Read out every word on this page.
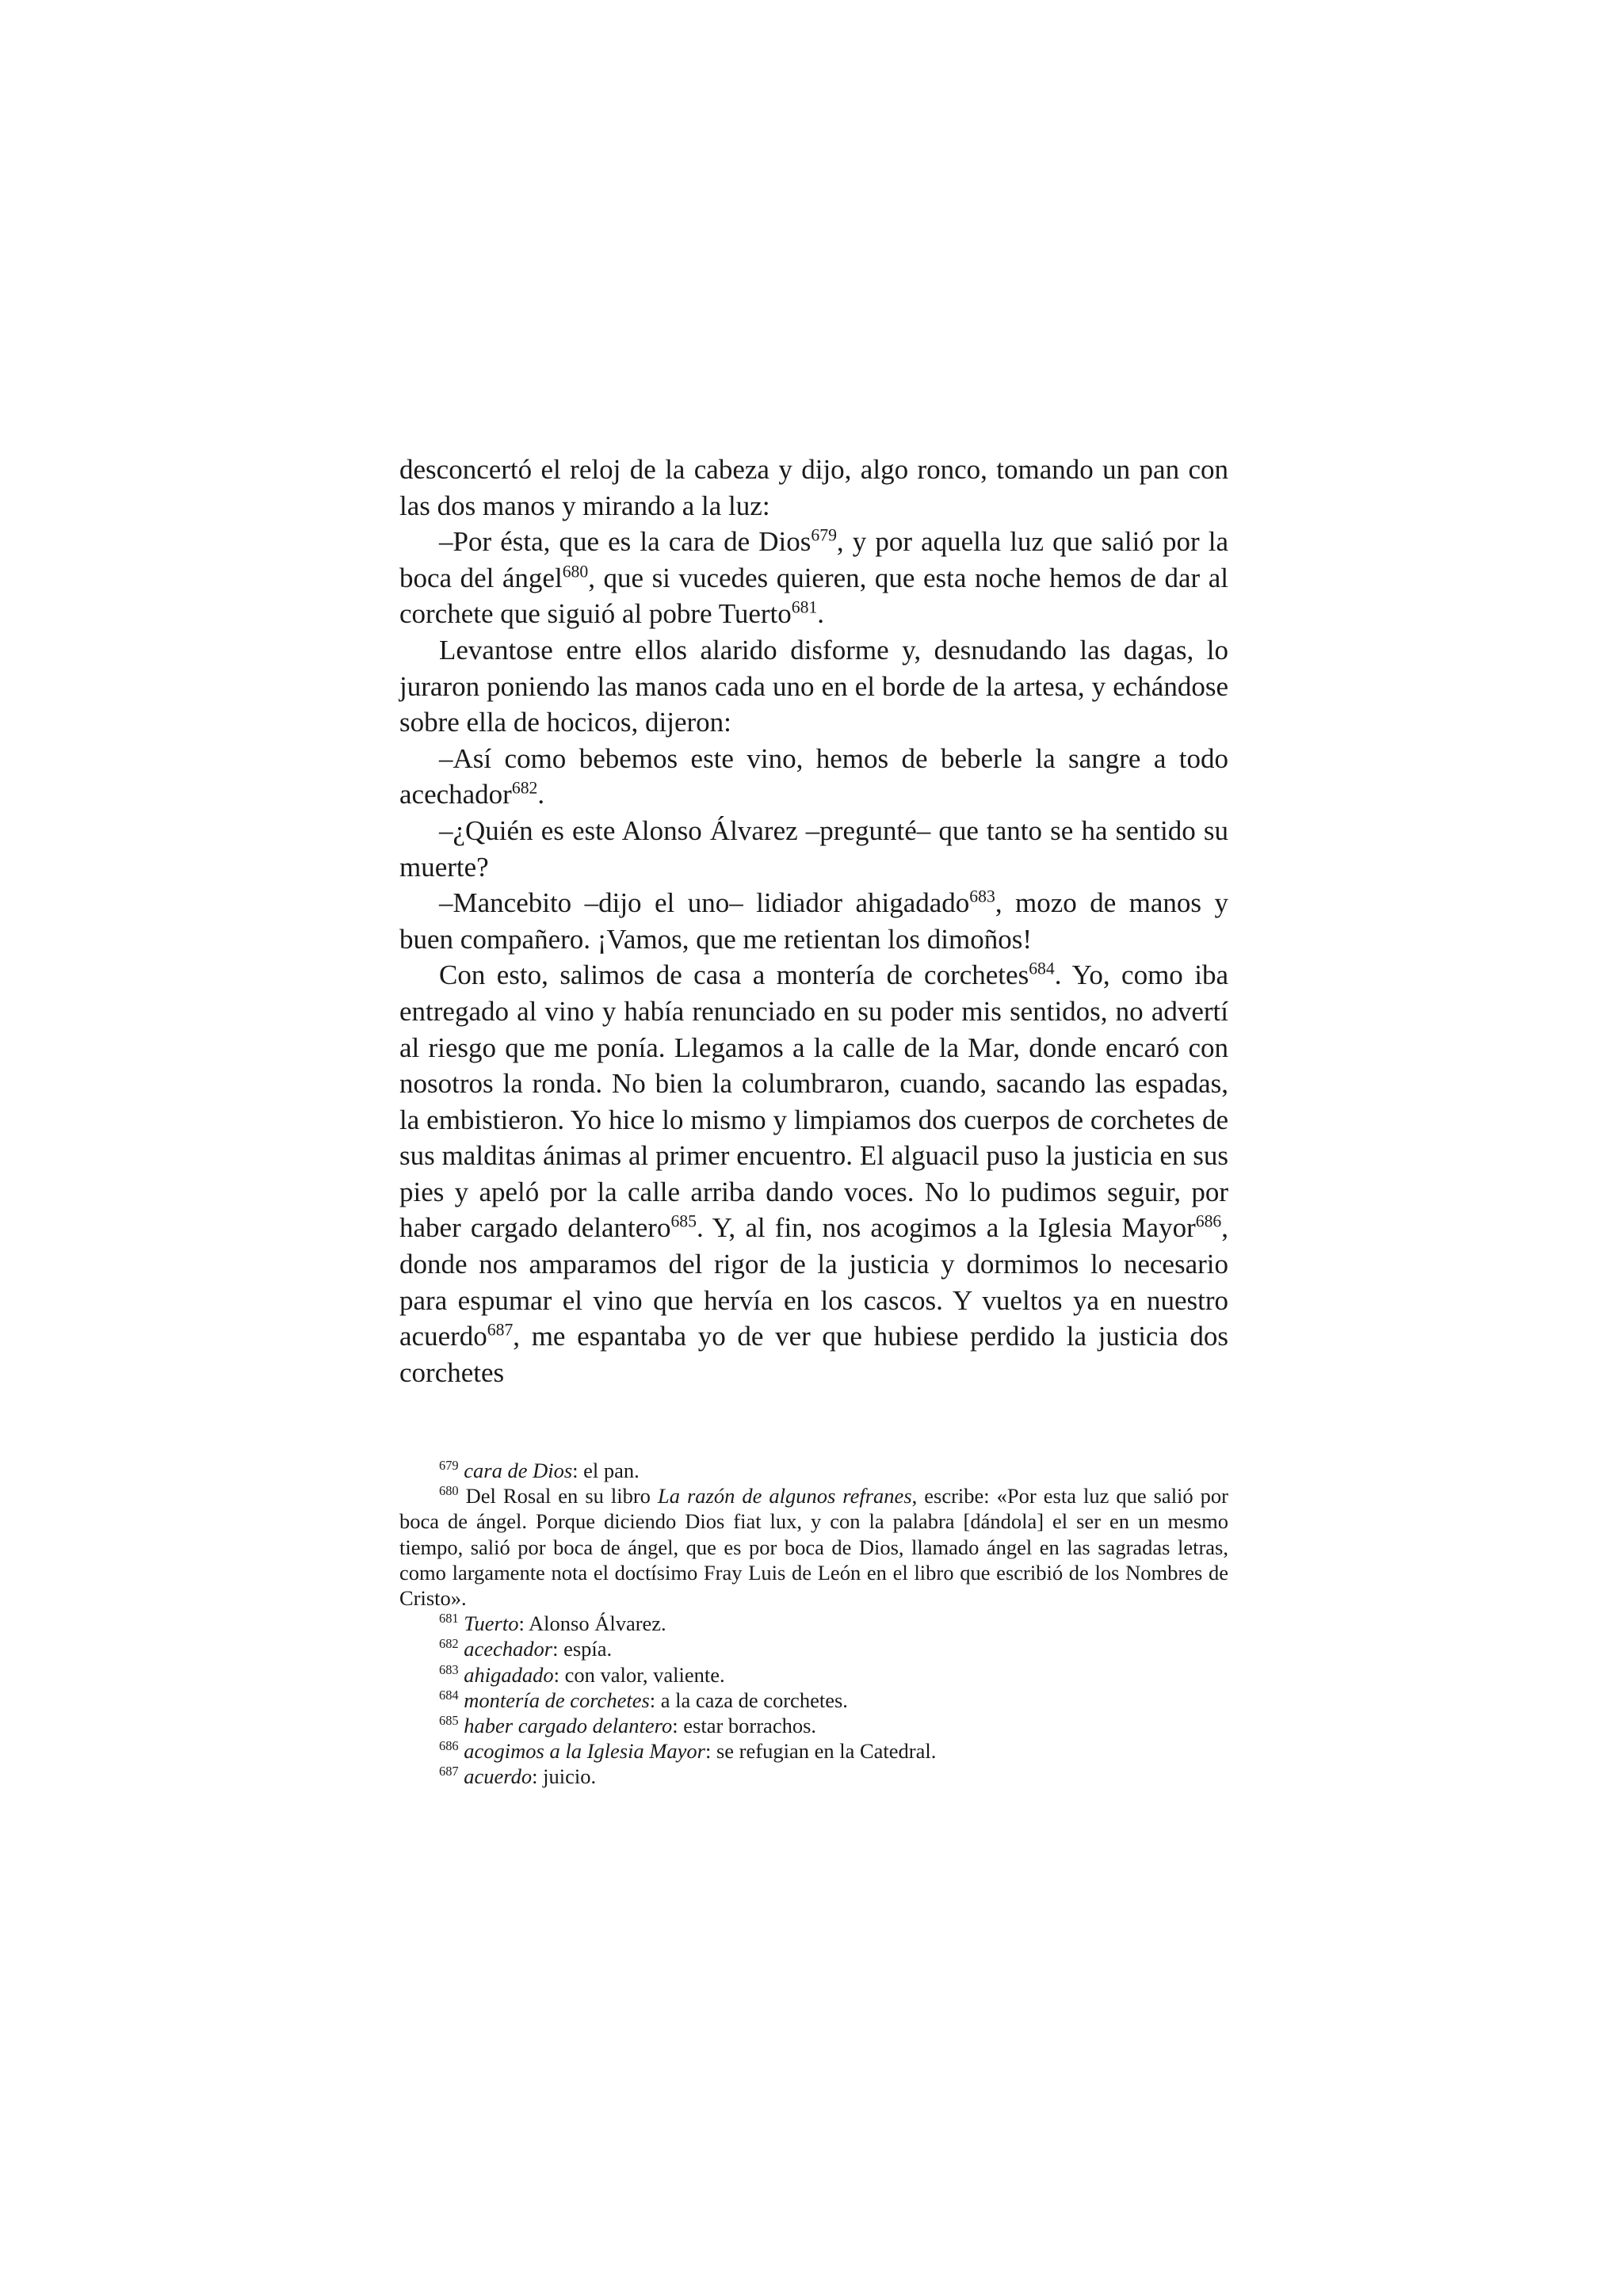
desconcertó el reloj de la cabeza y dijo, algo ronco, tomando un pan con las dos manos y mirando a la luz:

–Por ésta, que es la cara de Dios$^{679}$, y por aquella luz que salió por la boca del ángel$^{680}$, que si vucedes quieren, que esta noche hemos de dar al corchete que siguió al pobre Tuerto$^{681}$.

Levantose entre ellos alarido disforme y, desnudando las dagas, lo juraron poniendo las manos cada uno en el borde de la artesa, y echándose sobre ella de hocicos, dijeron:

–Así como bebemos este vino, hemos de beberle la sangre a todo acechador$^{682}$.

–¿Quién es este Alonso Álvarez –pregunté– que tanto se ha sentido su muerte?

–Mancebito –dijo el uno– lidiador ahigadado$^{683}$, mozo de manos y buen compañero. ¡Vamos, que me retientan los dimoños!

Con esto, salimos de casa a montería de corchetes$^{684}$. Yo, como iba entregado al vino y había renunciado en su poder mis sentidos, no advertí al riesgo que me ponía. Llegamos a la calle de la Mar, donde encaró con nosotros la ronda. No bien la columbraron, cuando, sacando las espadas, la embistieron. Yo hice lo mismo y limpiamos dos cuerpos de corchetes de sus malditas ánimas al primer encuentro. El alguacil puso la justicia en sus pies y apeló por la calle arriba dando voces. No lo pudimos seguir, por haber cargado delantero$^{685}$. Y, al fin, nos acogimos a la Iglesia Mayor$^{686}$, donde nos amparamos del rigor de la justicia y dormimos lo necesario para espumar el vino que hervía en los cascos. Y vueltos ya en nuestro acuerdo$^{687}$, me espantaba yo de ver que hubiese perdido la justicia dos corchetes

$^{679}$ cara de Dios: el pan.

$^{680}$ Del Rosal en su libro La razón de algunos refranes, escribe: «Por esta luz que salió por boca de ángel. Porque diciendo Dios fiat lux, y con la palabra [dándola] el ser en un mesmo tiempo, salió por boca de ángel, que es por boca de Dios, llamado ángel en las sagradas letras, como largamente nota el doctísimo Fray Luis de León en el libro que escribió de los Nombres de Cristo».

$^{681}$ Tuerto: Alonso Álvarez.

$^{682}$ acechador: espía.

$^{683}$ ahigadado: con valor, valiente.

$^{684}$ montería de corchetes: a la caza de corchetes.

$^{685}$ haber cargado delantero: estar borrachos.

$^{686}$ acogimos a la Iglesia Mayor: se refugian en la Catedral.

$^{687}$ acuerdo: juicio.
